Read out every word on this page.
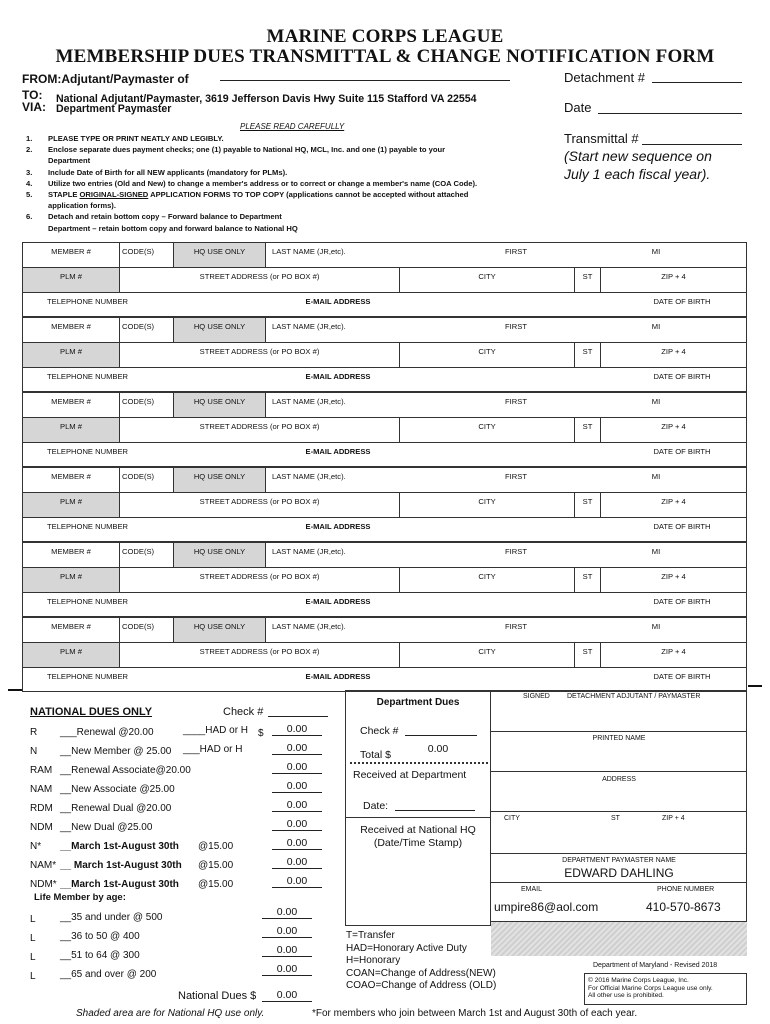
MARINE CORPS LEAGUE
MEMBERSHIP DUES TRANSMITTAL & CHANGE NOTIFICATION FORM
FROM:Adjutant/Paymaster of	Detachment #
TO: National Adjutant/Paymaster, 3619 Jefferson Davis Hwy Suite 115 Stafford VA 22554
VIA: Department Paymaster	Date
PLEASE READ CAREFULLY
Transmittal #
(Start new sequence on
July 1 each fiscal year).
1. PLEASE TYPE OR PRINT NEATLY AND LEGIBLY.
2. Enclose separate dues payment checks; one (1) payable to National HQ, MCL, Inc. and one (1) payable to your
Department
3. Include Date of Birth for all NEW applicants (mandatory for PLMs).
4. Utilize two entries (Old and New) to change a member's address or to correct or change a member's name (COA Code).
5. STAPLE ORIGINAL-SIGNED APPLICATION FORMS TO TOP COPY (applications cannot be accepted without attached
application forms).
6. Detach and retain bottom copy – Forward balance to Department
Department – retain bottom copy and forward balance to National HQ
MEMBER #	CODE(S)	HQ USE ONLY	LAST NAME (JR,etc).	FIRST	MI
PLM #	STREET ADDRESS (or PO BOX #)	CITY	ST	ZIP + 4
TELEPHONE NUMBER	E-MAIL ADDRESS	DATE OF BIRTH
MEMBER #	CODE(S)	HQ USE ONLY	LAST NAME (JR,etc).	FIRST	MI
PLM #	STREET ADDRESS (or PO BOX #)	CITY	ST	ZIP + 4
TELEPHONE NUMBER	E-MAIL ADDRESS	DATE OF BIRTH
MEMBER #	CODE(S)	HQ USE ONLY	LAST NAME (JR,etc).	FIRST	MI
PLM #	STREET ADDRESS (or PO BOX #)	CITY	ST	ZIP + 4
TELEPHONE NUMBER	E-MAIL ADDRESS	DATE OF BIRTH
MEMBER #	CODE(S)	HQ USE ONLY	LAST NAME (JR,etc).	FIRST	MI
PLM #	STREET ADDRESS (or PO BOX #)	CITY	ST	ZIP + 4
TELEPHONE NUMBER	E-MAIL ADDRESS	DATE OF BIRTH
MEMBER #	CODE(S)	HQ USE ONLY	LAST NAME (JR,etc).	FIRST	MI
PLM #	STREET ADDRESS (or PO BOX #)	CITY	ST	ZIP + 4
TELEPHONE NUMBER	E-MAIL ADDRESS	DATE OF BIRTH
MEMBER #	CODE(S)	HQ USE ONLY	LAST NAME (JR,etc).	FIRST	MI
PLM #	STREET ADDRESS (or PO BOX #)	CITY	ST	ZIP + 4
TELEPHONE NUMBER	E-MAIL ADDRESS	DATE OF BIRTH
NATIONAL DUES ONLY	Check #
R ___Renewal @20.00	____HAD or H $	0.00
N __New Member @ 25.00 ___HAD or H	0.00
RAM __Renewal Associate@20.00	0.00
NAM __New Associate @25.00	0.00
RDM __Renewal Dual @20.00	0.00
NDM __New Dual @25.00	0.00
N* __March 1st-August 30th @15.00	0.00
NAM* __ March 1st-August 30th @15.00	0.00
NDM* __March 1st-August 30th @15.00	0.00
Life Member by age:
L __35 and under @ 500	0.00
L __36 to 50 @ 400	0.00
L __51 to 64 @ 300	0.00
L __65 and over @ 200	0.00
National Dues $	0.00
Shaded area are for National HQ use only.
Department Dues
Check #
Total $	0.00
Received at Department
Date:
Received at National HQ
(Date/Time Stamp)
T=Transfer
HAD=Honorary Active Duty
H=Honorary
COAN=Change of Address(NEW)
COAO=Change of Address (OLD)
SIGNED DETACHMENT ADJUTANT / PAYMASTER
PRINTED NAME
ADDRESS
CITY	ST	ZIP + 4
DEPARTMENT PAYMASTER NAME
EDWARD DAHLING
EMAIL	PHONE NUMBER
umpire86@aol.com	410-570-8673
Department of Maryland - Revised 2018
© 2016 Marine Corps League, Inc.
For Official Marine Corps League use only.
All other use is prohibited.
*For members who join between March 1st and August 30th of each year.
